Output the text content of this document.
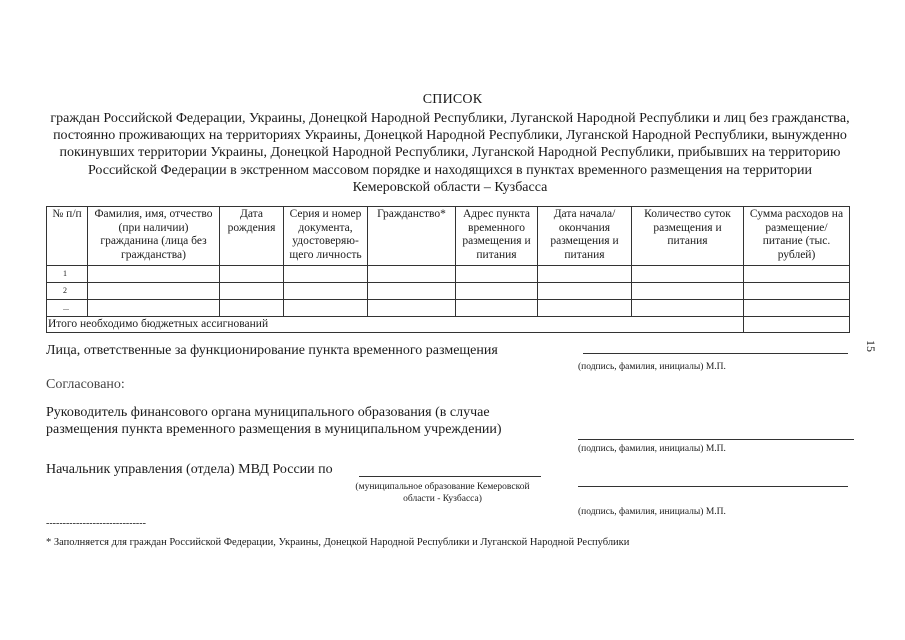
СПИСОК
граждан Российской Федерации, Украины, Донецкой Народной Республики, Луганской Народной Республики и лиц без гражданства, постоянно проживающих на территориях Украины, Донецкой Народной Республики, Луганской Народной Республики, вынужденно покинувших территории Украины, Донецкой Народной Республики, Луганской Народной Республики, прибывших на территорию Российской Федерации в экстренном массовом порядке и находящихся в пунктах временного размещения на территории Кемеровской области – Кузбасса
№ п/п	Фамилия, имя, отчество (при наличии) гражданина (лица без гражданства)	Дата рождения	Серия и номер документа, удостоверяю-щего личность	Гражданство*	Адрес пункта временного размещения и питания	Дата начала/ окончания размещения и питания	Количество суток размещения и питания	Сумма расходов на размещение/ питание (тыс. рублей)
1								
2								
...								
Итого необходимо бюджетных ассигнований								
Лица, ответственные за функционирование пункта временного размещения
(подпись, фамилия, инициалы) М.П.
Согласовано:
Руководитель финансового органа муниципального образования (в случае размещения пункта временного размещения в муниципальном учреждении)
(подпись, фамилия, инициалы) М.П.
Начальник управления (отдела) МВД России по
(муниципальное образование Кемеровской области - Кузбасса)
(подпись, фамилия, инициалы) М.П.
------------------------------
* Заполняется для граждан Российской Федерации, Украины, Донецкой Народной Республики и Луганской Народной Республики
15
